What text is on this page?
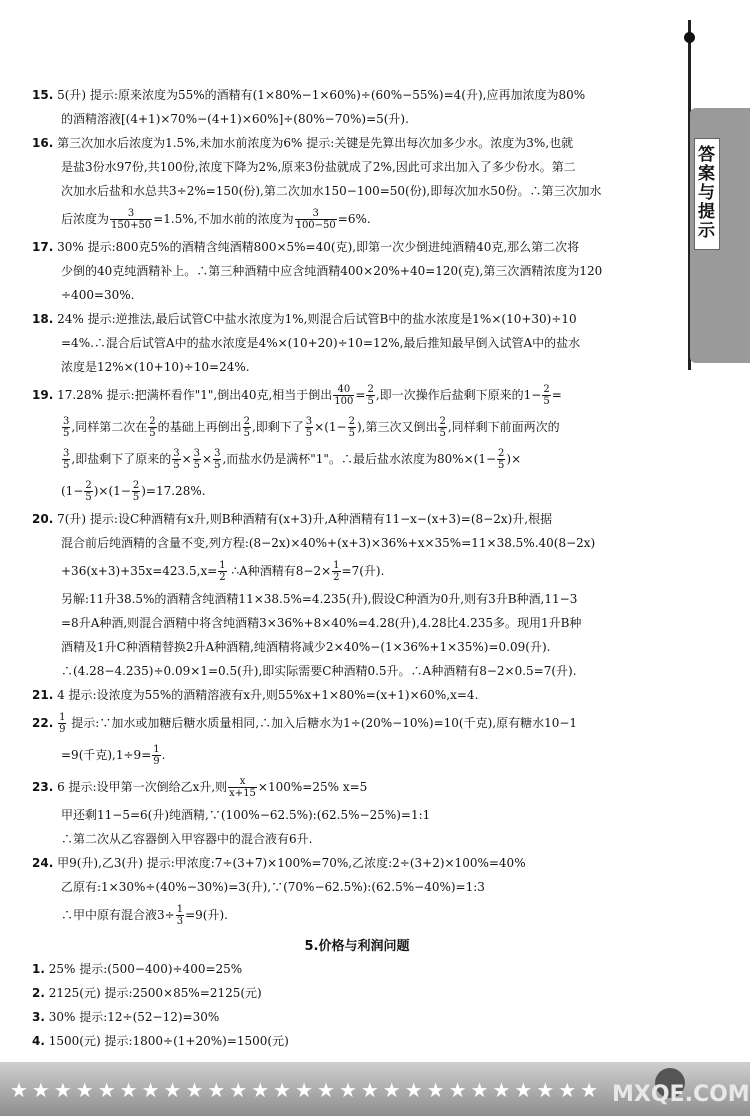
答案与提示
15. 5(升) 提示:原来浓度为55%的酒精有(1×80%−1×60%)÷(60%−55%)=4(升),应再加浓度为80%
的酒精溶液[(4+1)×70%−(4+1)×60%]÷(80%−70%)=5(升).
16. 第三次加水后浓度为1.5%,未加水前浓度为6% 提示:关键是先算出每次加多少水。浓度为3%,也就
是盐3份水97份,共100份,浓度下降为2%,原来3份盐就成了2%,因此可求出加入了多少份水。第二
次加水后盐和水总共3÷2%=150(份),第二次加水150−100=50(份),即每次加水50份。∴第三次加水
后浓度为 $\frac{3}{150+50} =1.5\%$,不加水前的浓度为 $\frac{3}{100-50} =6\%$.
17. 30% 提示:800克5%的酒精含纯酒精800×5%=40(克),即第一次少倒进纯酒精40克,那么第二次将
少倒的40克纯酒精补上。∴第三种酒精中应含纯酒精400×20%+40=120(克),第三次酒精浓度为120
÷400=30%.
18. 24% 提示:逆推法,最后试管C中盐水浓度为1%,则混合后试管B中的盐水浓度是1%×(10+30)÷10
=4%.∴混合后试管A中的盐水浓度是4%×(10+20)÷10=12%,最后推知最早倒入试管A中的盐水
浓度是12%×(10+10)÷10=24%.
19. 17.28% 提示:把满杯看作"1",倒出40克,相当于倒出 $\frac{40}{100} = \frac{2}{5}$ ,即一次操作后盐剩下原来的$1- \frac{2}{5}$ =
$\frac{3}{5}$ ,同样第二次在 $\frac{2}{5}$ 的基础上再倒出 $\frac{2}{5}$ ,即剩下了 $\frac{3}{5} \times(1- \frac{2}{5}$ ),第三次又倒出 $\frac{2}{5}$ ,同样剩下前面两次的
$\frac{3}{5}$ ,即盐剩下了原来的 $\frac{3}{5} \times \frac{3}{5} \times \frac{3}{5}$ ,而盐水仍是满杯"1"。∴最后盐水浓度为$80\%\times(1- \frac{2}{5}$ )×
$(1- \frac{2}{5} )\times(1- \frac{2}{5} )=17.28\%$.
20. 7(升) 提示:设C种酒精有x升,则B种酒精有(x+3)升,A种酒精有11−x−(x+3)=(8−2x)升,根据
混合前后纯酒精的含量不变,列方程:(8−2x)×40%+(x+3)×36%+x×35%=11×38.5%.40(8−2x)
$+36(x+3)+35x=423.5,x= \frac{1}{2}$ ∴A种酒精有$8-2\times \frac{1}{2} =7$(升).
另解:11升38.5%的酒精含纯酒精11×38.5%=4.235(升),假设C种酒为0升,则有3升B种酒,11−3
=8升A种酒,则混合酒精中将含纯酒精3×36%+8×40%=4.28(升),4.28比4.235多。现用1升B种
酒精及1升C种酒精替换2升A种酒精,纯酒精将减少2×40%−(1×36%+1×35%)=0.09(升).
∴(4.28−4.235)÷0.09×1=0.5(升),即实际需要C种酒精0.5升。∴A种酒精有8−2×0.5=7(升).
21. 4 提示:设浓度为55%的酒精溶液有x升,则55%x+1×80%=(x+1)×60%,x=4.
22. $\frac{1}{9}$ 提示:∵加水或加糖后糖水质量相同,∴加入后糖水为1÷(20%−10%)=10(千克),原有糖水10−1
=9(千克)$,1\div 9= \frac{1}{9}$ .
23. 6 提示:设甲第一次倒给乙x升,则 $\frac{x}{x+15} \times 100\%=25\%$ x=5
甲还剩11−5=6(升)纯酒精,∵(100%−62.5%):(62.5%−25%)=1:1
∴第二次从乙容器倒入甲容器中的混合液有6升.
24. 甲9(升),乙3(升) 提示:甲浓度:7÷(3+7)×100%=70%,乙浓度:2÷(3+2)×100%=40%
乙原有:1×30%÷(40%−30%)=3(升),∵(70%−62.5%):(62.5%−40%)=1:3
∴甲中原有混合液$3\div \frac{1}{3} =9$(升).
5.价格与利润问题
1. 25% 提示:(500−400)÷400=25%
2. 2125(元) 提示:2500×85%=2125(元)
3. 30% 提示:12÷(52−12)=30%
4. 1500(元) 提示:1800÷(1+20%)=1500(元)
★★★★★★★★★★★★★★★★★★★★★★★★★★★ MXQE.COM
